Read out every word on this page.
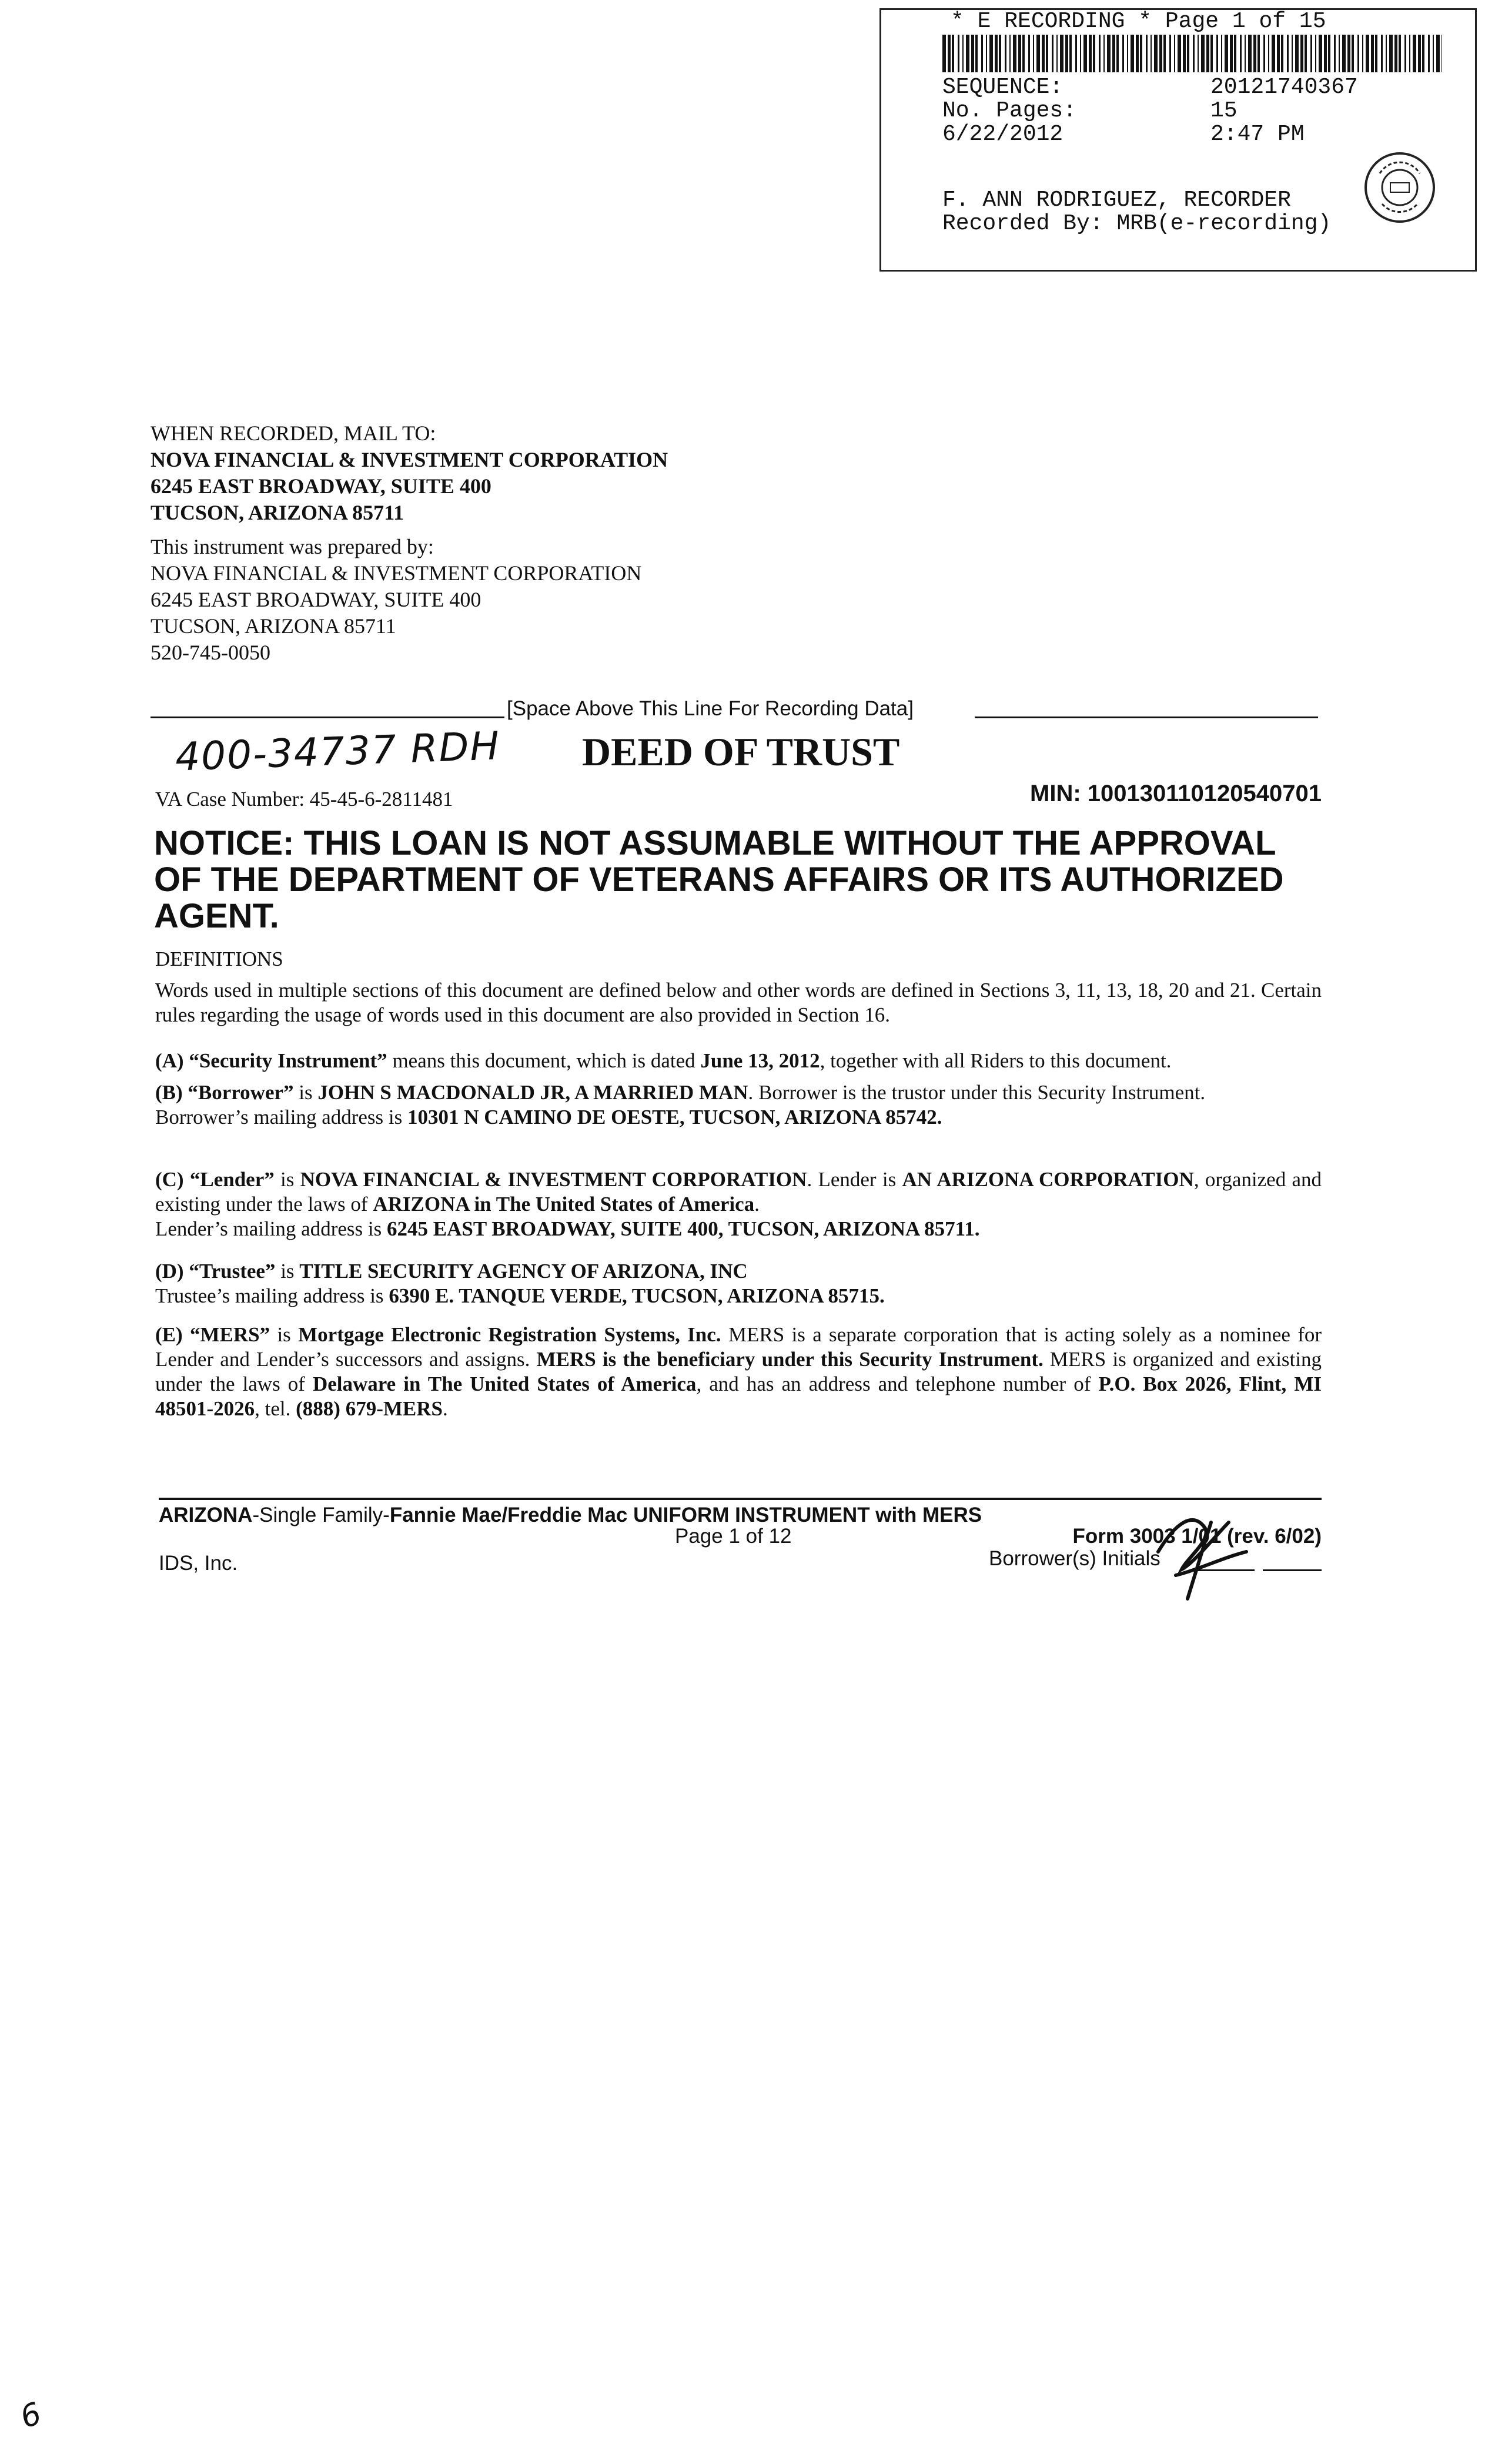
* E RECORDING * Page 1 of 15
SEQUENCE:	20121740367
No. Pages:	15
6/22/2012	2:47 PM
F. ANN RODRIGUEZ, RECORDER
Recorded By: MRB(e-recording)
WHEN RECORDED, MAIL TO:
NOVA FINANCIAL & INVESTMENT CORPORATION
6245 EAST BROADWAY, SUITE 400
TUCSON, ARIZONA 85711
This instrument was prepared by:
NOVA FINANCIAL & INVESTMENT CORPORATION
6245 EAST BROADWAY, SUITE 400
TUCSON, ARIZONA 85711
520-745-0050
[Space Above This Line For Recording Data]
400-34737 RDH DEED OF TRUST
VA Case Number: 45-45-6-2811481	MIN: 100130110120540701
NOTICE: THIS LOAN IS NOT ASSUMABLE WITHOUT THE APPROVAL OF THE DEPARTMENT OF VETERANS AFFAIRS OR ITS AUTHORIZED AGENT.
DEFINITIONS
Words used in multiple sections of this document are defined below and other words are defined in Sections 3, 11, 13, 18, 20 and 21. Certain rules regarding the usage of words used in this document are also provided in Section 16.
(A) “Security Instrument” means this document, which is dated June 13, 2012, together with all Riders to this document.
(B) “Borrower” is JOHN S MACDONALD JR, A MARRIED MAN. Borrower is the trustor under this Security Instrument.
Borrower’s mailing address is 10301 N CAMINO DE OESTE, TUCSON, ARIZONA 85742.
(C) “Lender” is NOVA FINANCIAL & INVESTMENT CORPORATION. Lender is AN ARIZONA CORPORATION, organized and existing under the laws of ARIZONA in The United States of America.
Lender’s mailing address is 6245 EAST BROADWAY, SUITE 400, TUCSON, ARIZONA 85711.
(D) “Trustee” is TITLE SECURITY AGENCY OF ARIZONA, INC
Trustee’s mailing address is 6390 E. TANQUE VERDE, TUCSON, ARIZONA 85715.
(E) “MERS” is Mortgage Electronic Registration Systems, Inc. MERS is a separate corporation that is acting solely as a nominee for Lender and Lender’s successors and assigns. MERS is the beneficiary under this Security Instrument. MERS is organized and existing under the laws of Delaware in The United States of America, and has an address and telephone number of P.O. Box 2026, Flint, MI 48501-2026, tel. (888) 679-MERS.
ARIZONA-Single Family-Fannie Mae/Freddie Mac UNIFORM INSTRUMENT with MERS
Page 1 of 12	Form 3003 1/01 (rev. 6/02)
IDS, Inc.	Borrower(s) Initials
6
